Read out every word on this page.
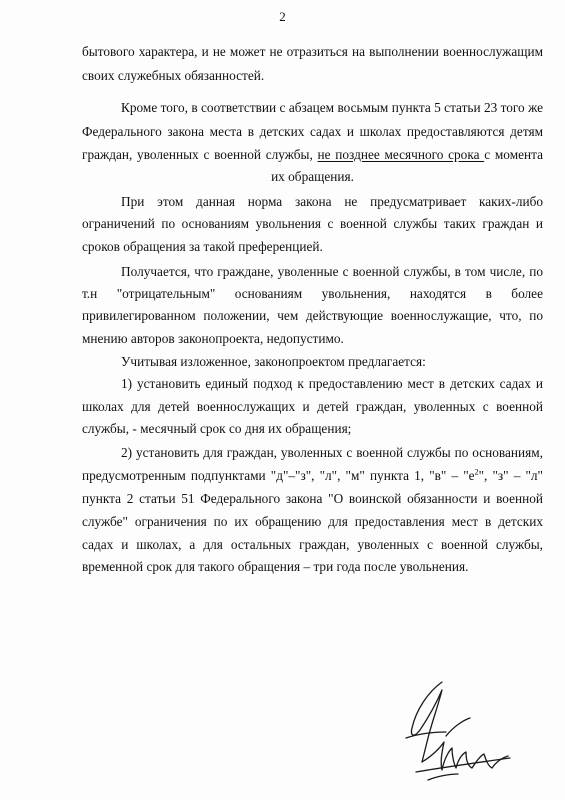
2
бытового характера, и не может не отразиться на выполнении военнослужащим
своих служебных обязанностей.
Кроме того, в соответствии с абзацем восьмым пункта 5 статьи 23 того же
Федерального закона места в детских садах и школах предоставляются детям
граждан, уволенных с военной службы, не позднее месячного срока с момента
их обращения.
При этом данная норма закона не предусматривает каких-либо
ограничений по основаниям увольнения с военной службы таких граждан и
сроков обращения за такой преференцией.
Получается, что граждане, уволенные с военной службы, в том числе, по
т.н "отрицательным" основаниям увольнения, находятся в более
привилегированном положении, чем действующие военнослужащие, что, по
мнению авторов законопроекта, недопустимо.
Учитывая изложенное, законопроектом предлагается:
1) установить единый подход к предоставлению мест в детских садах и
школах для детей военнослужащих и детей граждан, уволенных с военной
службы, - месячный срок со дня их обращения;
2) установить для граждан, уволенных с военной службы по основаниям,
предусмотренным подпунктами "д"–"з", "л", "м" пункта 1, "в" – "$е^2$", "з" – "л"
пункта 2 статьи 51 Федерального закона "О воинской обязанности и военной
службе" ограничения по их обращению для предоставления мест в детских
садах и школах, а для остальных граждан, уволенных с военной службы,
временной срок для такого обращения – три года после увольнения.
